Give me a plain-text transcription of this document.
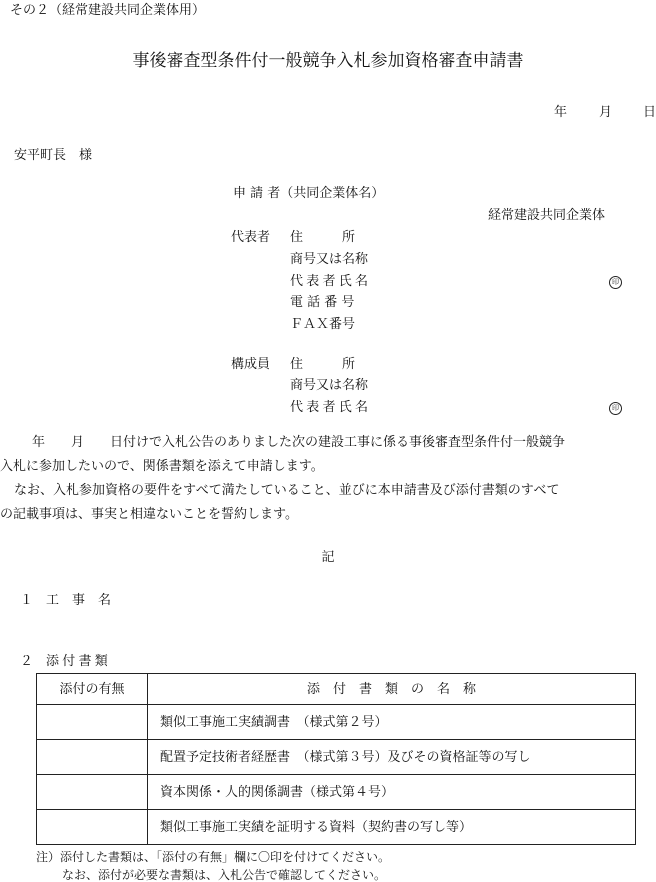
その２（経常建設共同企業体用）
事後審査型条件付一般競争入札参加資格審査申請書
年 月 日
安平町長　様
申 請 者（共同企業体名）
経常建設共同企業体
代表者 住　　　所
商号又は名称
代表者氏名	印
電 話 番 号
ＦＡＸ番号
構成員 住　　　所
商号又は名称
代表者氏名	印
年　　月　　日付けで入札公告のありました次の建設工事に係る事後審査型条件付一般競争
入札に参加したいので、関係書類を添えて申請します。
なお、入札参加資格の要件をすべて満たしていること、並びに本申請書及び添付書類のすべて
の記載事項は、事実と相違ないことを誓約します。
記
１ 工　事　名
２ 添付書類
添付の有無	添　付　書　類　の　名　称
	類似工事施工実績調書　（様式第２号）
	配置予定技術者経歴書　（様式第３号）及びその資格証等の写し
	資本関係・人的関係調書（様式第４号）
	類似工事施工実績を証明する資料（契約書の写し等）
注）添付した書類は、「添付の有無」欄に〇印を付けてください。
なお、添付が必要な書類は、入札公告で確認してください。
